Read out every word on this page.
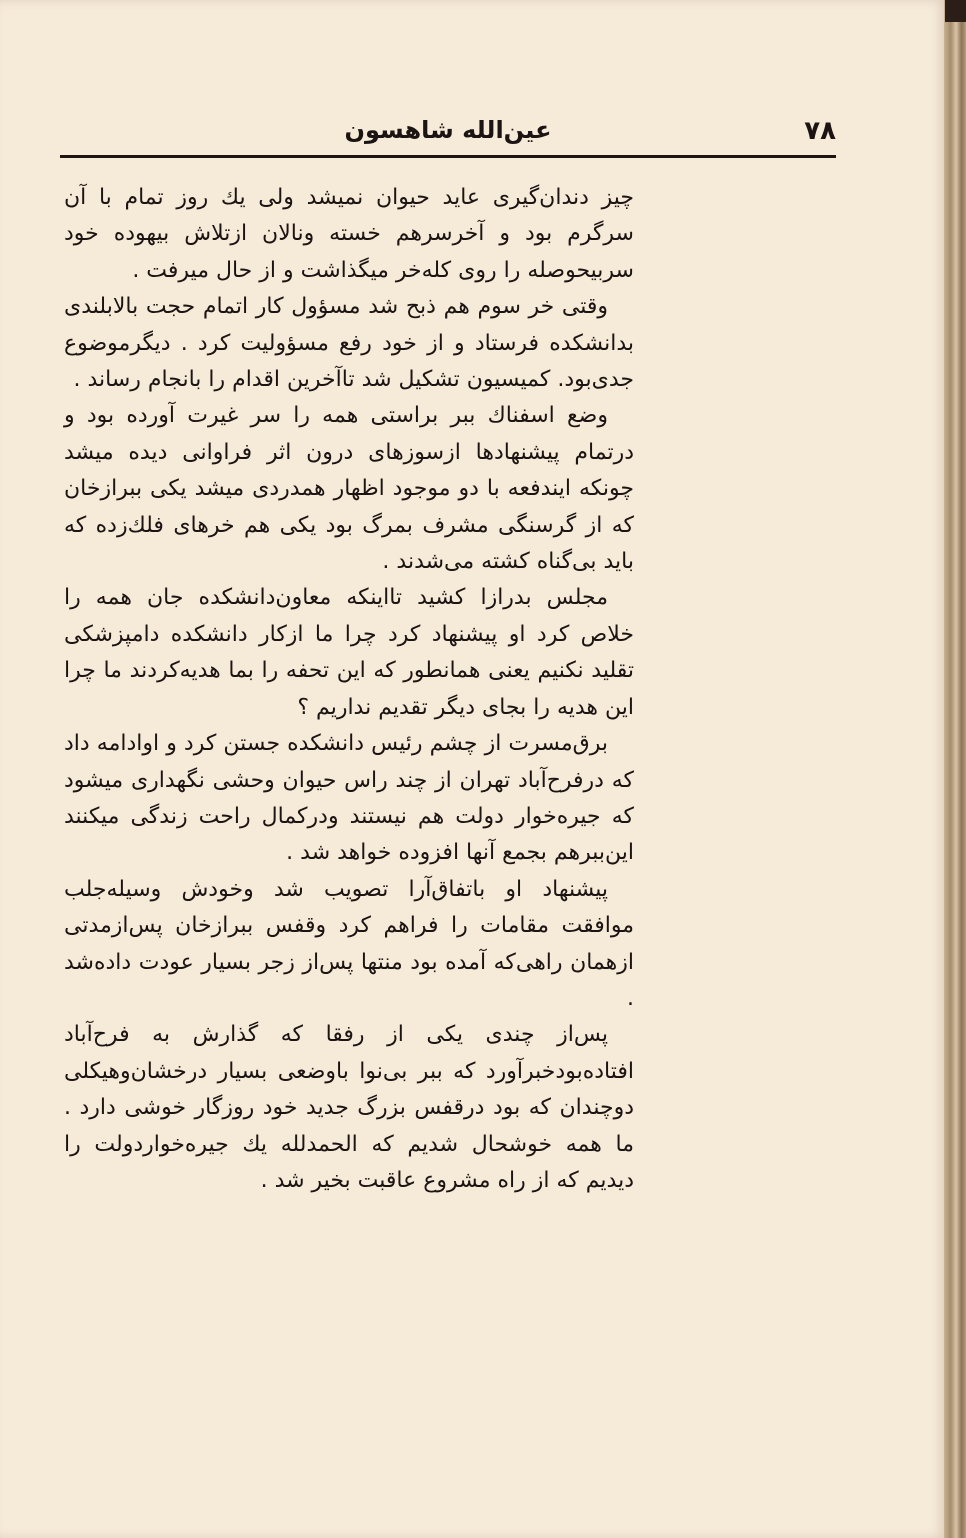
۷۸
عین‌الله شاهسون

چیز دندان‌گیری عاید حیوان نمیشد ولی یك روز تمام با آن سرگرم بود و آخرسرهم خسته ونالان ازتلاش بیهوده خود سربیحوصله را روی کله‌خر میگذاشت و از حال میرفت .

وقتی خر سوم هم ذبح شد مسؤول کار اتمام حجت بالابلندی بدانشکده فرستاد و از خود رفع مسؤولیت کرد . دیگرموضوع جدی‌بود. کمیسیون تشکیل شد تاآخرین اقدام را بانجام رساند .

وضع اسفناك ببر براستی همه را سر غیرت آورده بود و درتمام پیشنهادها ازسوزهای درون اثر فراوانی دیده میشد چونکه ایندفعه با دو موجود اظهار همدردی میشد یکی ببرازخان که از گرسنگی مشرف بمرگ بود یکی هم خرهای فلك‌زده که باید بی‌گناه کشته می‌شدند .

مجلس بدرازا کشید تااینکه معاون‌دانشکده جان همه را خلاص کرد او پیشنهاد کرد چرا ما ازکار دانشکده دامپزشکی تقلید نکنیم یعنی همانطور که این تحفه را بما هدیه‌کردند ما چرا این هدیه را بجای دیگر تقدیم نداریم ؟

برق‌مسرت از چشم رئیس دانشکده جستن کرد و اوادامه داد که درفرح‌آباد تهران از چند راس حیوان وحشی نگهداری میشود که جیره‌خوار دولت هم نیستند ودرکمال راحت زندگی میکنند این‌ببرهم بجمع آنها افزوده خواهد شد .

پیشنهاد او باتفاق‌آرا تصویب شد وخودش وسیله‌جلب موافقت مقامات را فراهم کرد وقفس ببرازخان پس‌ازمدتی ازهمان راهی‌که آمده بود منتها پس‌از زجر بسیار عودت داده‌شد .

پس‌از چندی یکی از رفقا که گذارش به فرح‌آباد افتاده‌بودخبرآورد که ببر بی‌نوا باوضعی بسیار درخشان‌وهیکلی دوچندان که بود درقفس بزرگ جدید خود روزگار خوشی دارد . ما همه خوشحال شدیم که الحمدلله یك جیره‌خواردولت را دیدیم که از راه مشروع عاقبت بخیر شد .
